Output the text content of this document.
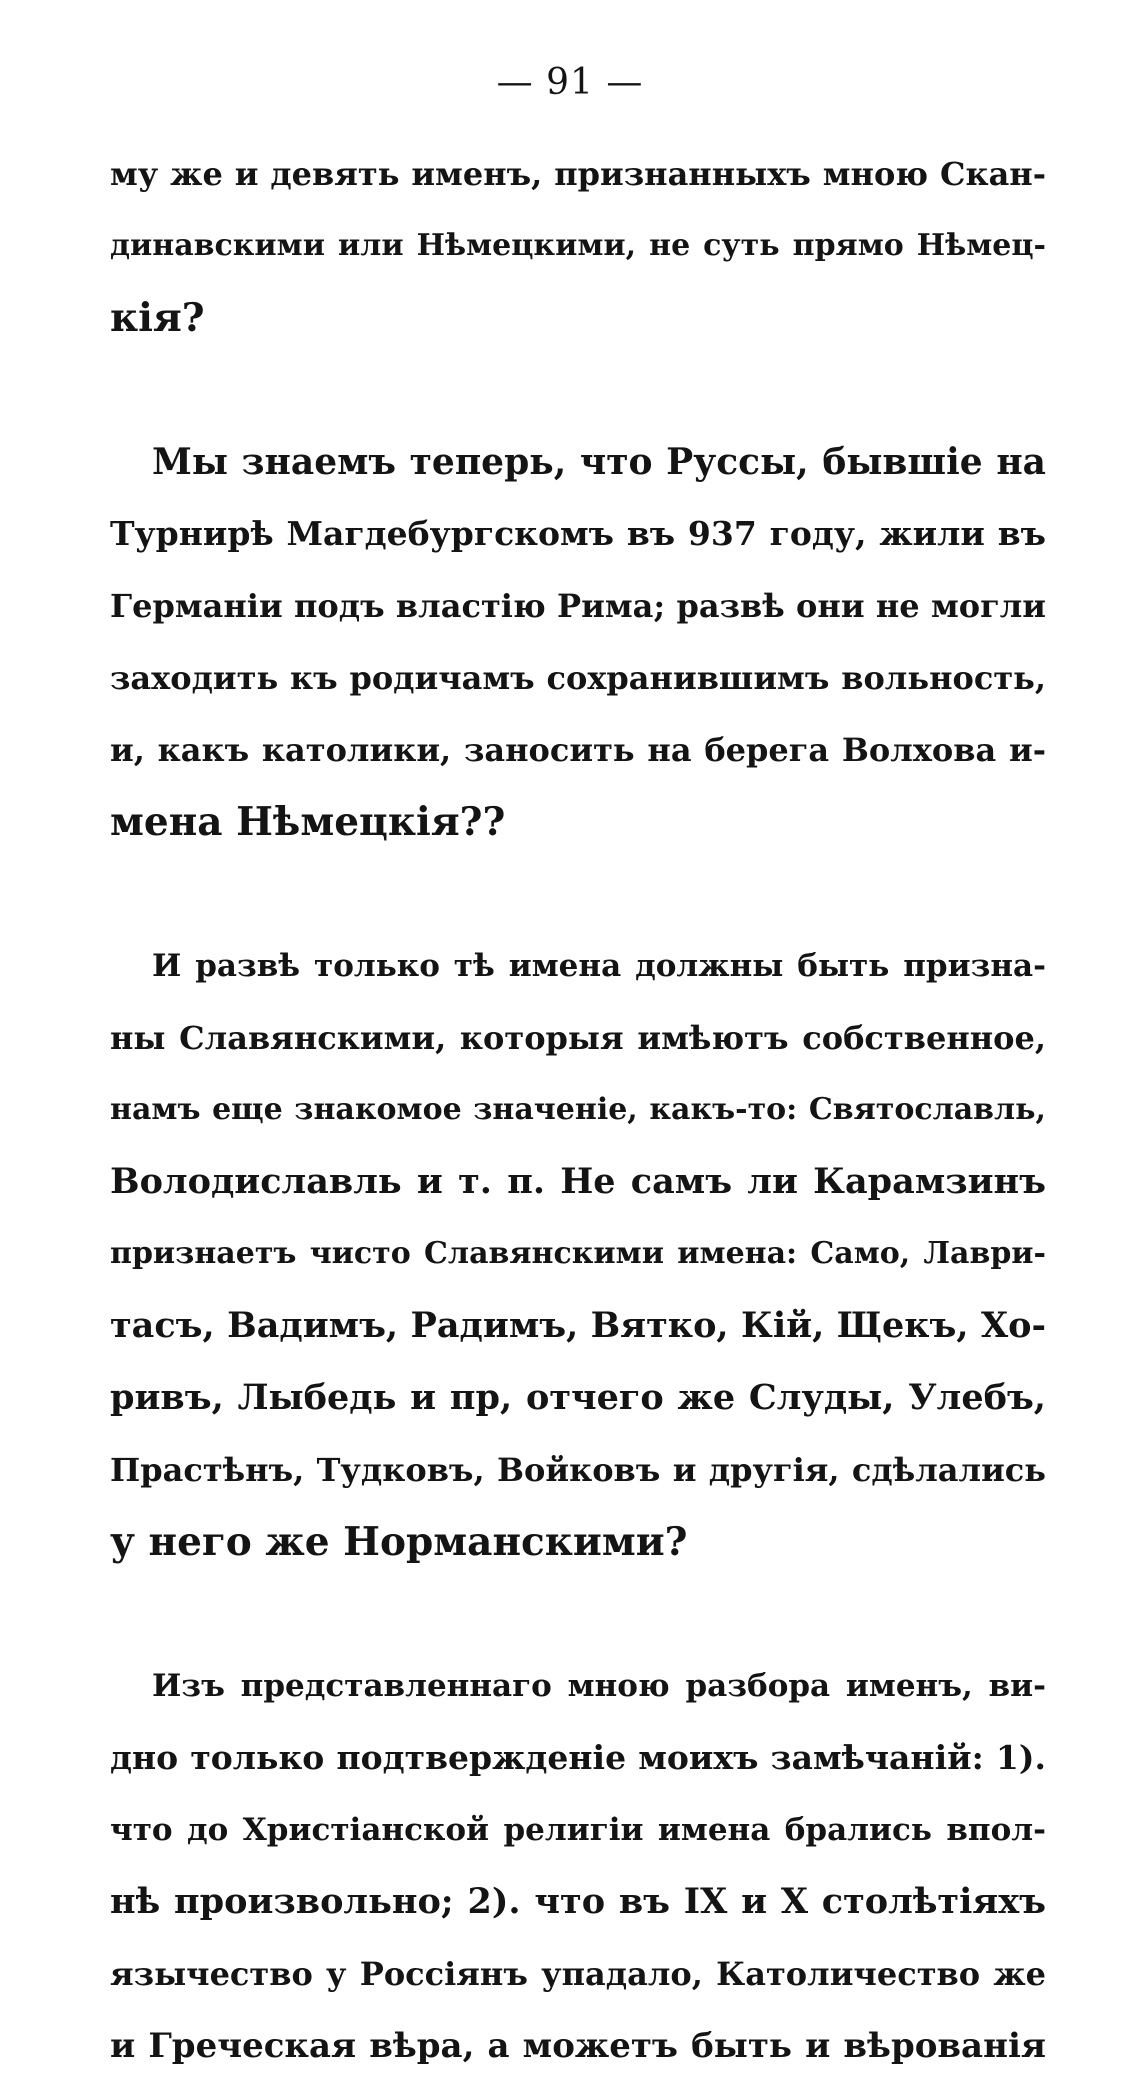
— 91 —
му же и девять именъ, признанныхъ мною Скан-
динавскими или Нѣмецкими, не суть прямо Нѣмец-
кія?
Мы знаемъ теперь, что Руссы, бывшіе на
Турнирѣ Магдебургскомъ въ 937 году, жили въ
Германіи подъ властію Рима; развѣ они не могли
заходить къ родичамъ сохранившимъ вольность,
и, какъ католики, заносить на берега Волхова и-
мена Нѣмецкія??
И развѣ только тѣ имена должны быть призна-
ны Славянскими, которыя имѣютъ собственное,
намъ еще знакомое значеніе, какъ-то: Святославль,
Володиславль и т. п. Не самъ ли Карамзинъ
признаетъ чисто Славянскими имена: Само, Лаври-
тасъ, Вадимъ, Радимъ, Вятко, Кій, Щекъ, Хо-
ривъ, Лыбедь и пр, отчего же Слуды, Улебъ,
Прастѣнъ, Тудковъ, Войковъ и другія, сдѣлались
у него же Норманскими?
Изъ представленнаго мною разбора именъ, ви-
дно только подтвержденіе моихъ замѣчаній: 1).
что до Христіанской религіи имена брались впол-
нѣ произвольно; 2). что въ IX и X столѣтіяхъ
язычество у Россіянъ упадало, Католичество же
и Греческая вѣра, а можетъ быть и вѣрованія
